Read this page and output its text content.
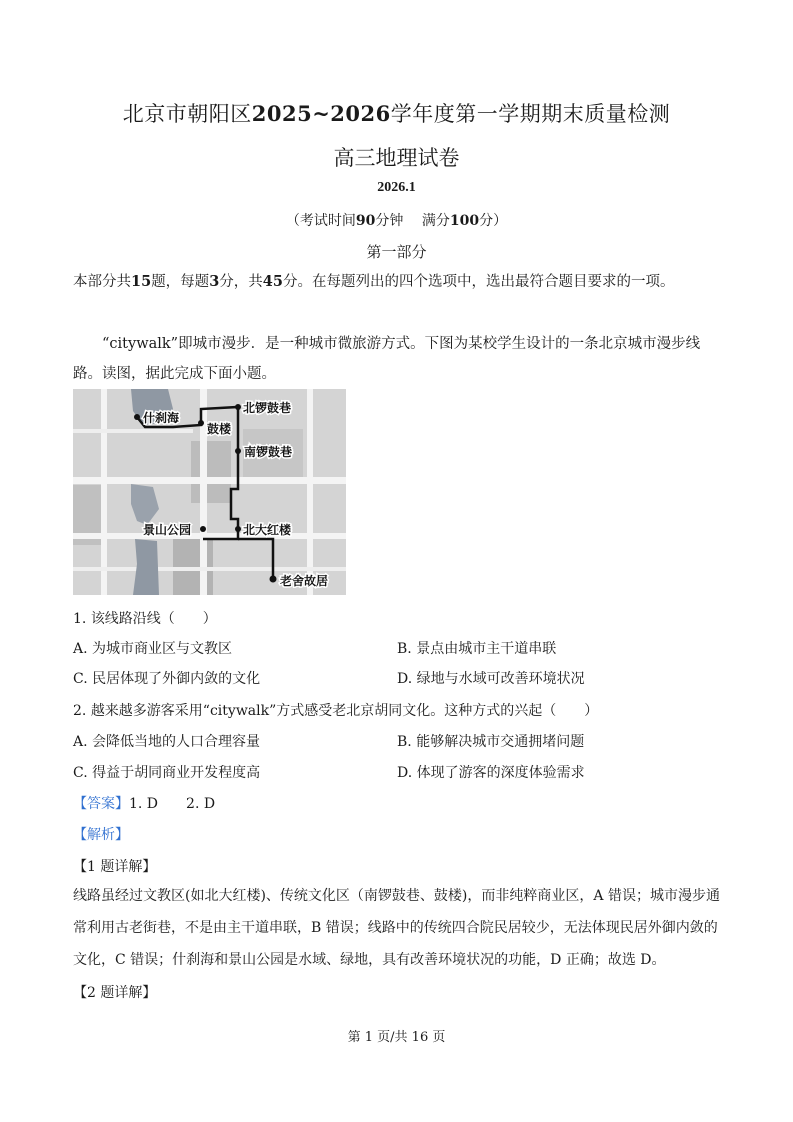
北京市朝阳区2025~2026学年度第一学期期末质量检测
高三地理试卷
2026.1
（考试时间90分钟　 满分100分）
第一部分
本部分共15题，每题3分，共45分。在每题列出的四个选项中，选出最符合题目要求的一项。
“citywalk”即城市漫步．是一种城市微旅游方式。下图为某校学生设计的一条北京城市漫步线路。读图，据此完成下面小题。
什刹海
鼓楼
北锣鼓巷
南锣鼓巷
景山公园	北大红楼
老舍故居
1. 该线路沿线（　　）
A. 为城市商业区与文教区	B. 景点由城市主干道串联
C. 民居体现了外御内敛的文化	D. 绿地与水域可改善环境状况
2. 越来越多游客采用“citywalk”方式感受老北京胡同文化。这种方式的兴起（　　）
A. 会降低当地的人口合理容量	B. 能够解决城市交通拥堵问题
C. 得益于胡同商业开发程度高	D. 体现了游客的深度体验需求
【答案】1. D　　2. D
【解析】
【1 题详解】
线路虽经过文教区(如北大红楼)、传统文化区（南锣鼓巷、鼓楼)，而非纯粹商业区，A 错误；城市漫步通常利用古老街巷，不是由主干道串联，B 错误；线路中的传统四合院民居较少，无法体现民居外御内敛的文化，C 错误；什刹海和景山公园是水域、绿地，具有改善环境状况的功能，D 正确；故选 D。
【2 题详解】
第 1 页/共 16 页
